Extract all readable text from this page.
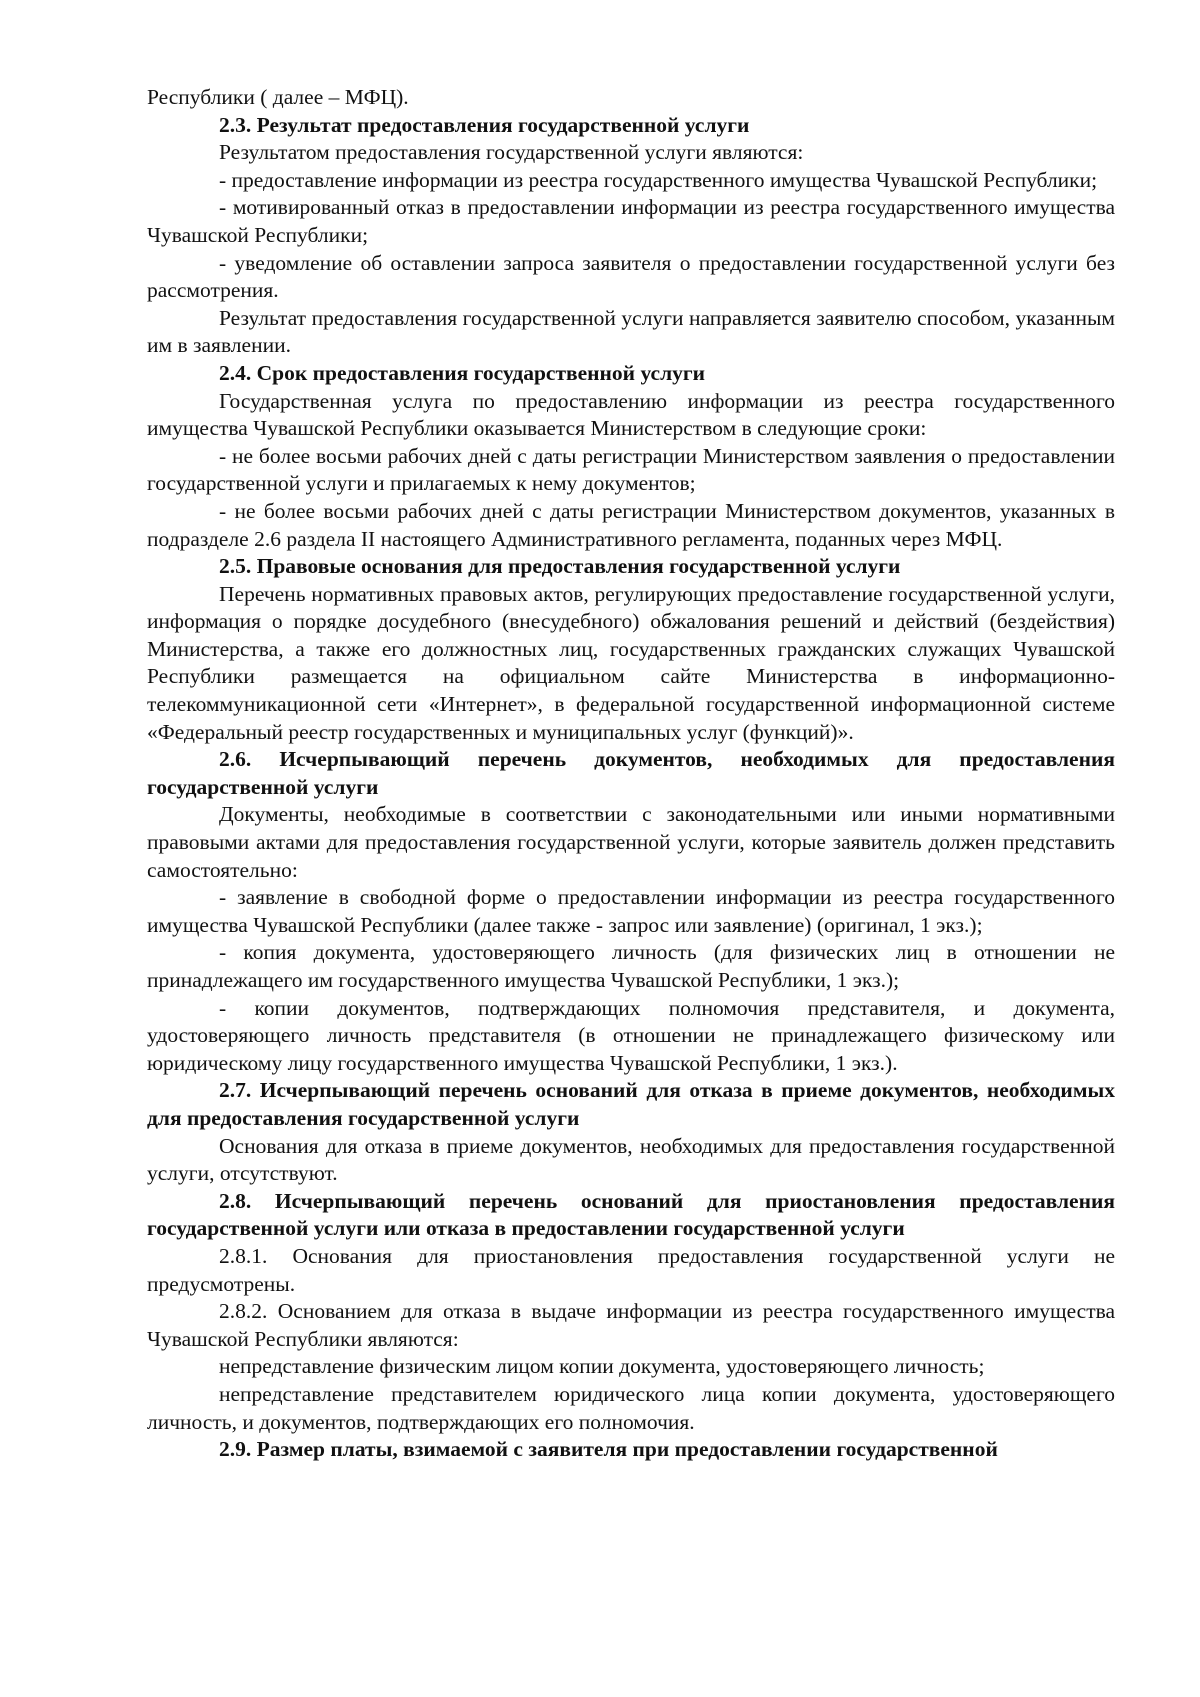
Республики ( далее – МФЦ).

2.3. Результат предоставления государственной услуги

Результатом предоставления государственной услуги являются:

- предоставление информации из реестра государственного имущества Чувашской Республики;

- мотивированный отказ в предоставлении информации из реестра государственного имущества Чувашской Республики;

- уведомление об оставлении запроса заявителя о предоставлении государственной услуги без рассмотрения.

Результат предоставления государственной услуги направляется заявителю способом, указанным им в заявлении.

2.4. Срок предоставления государственной услуги

Государственная услуга по предоставлению информации из реестра государственного имущества Чувашской Республики оказывается Министерством в следующие сроки:

- не более восьми рабочих дней с даты регистрации Министерством заявления о предоставлении государственной услуги и прилагаемых к нему документов;

- не более восьми рабочих дней с даты регистрации Министерством документов, указанных в подразделе 2.6 раздела II настоящего Административного регламента, поданных через МФЦ.

2.5. Правовые основания для предоставления государственной услуги

Перечень нормативных правовых актов, регулирующих предоставление государственной услуги, информация о порядке досудебного (внесудебного) обжалования решений и действий (бездействия) Министерства, а также его должностных лиц, государственных гражданских служащих Чувашской Республики размещается на официальном сайте Министерства в информационно-телекоммуникационной сети «Интернет», в федеральной государственной информационной системе «Федеральный реестр государственных и муниципальных услуг (функций)».

2.6. Исчерпывающий перечень документов, необходимых для предоставления государственной услуги

Документы, необходимые в соответствии с законодательными или иными нормативными правовыми актами для предоставления государственной услуги, которые заявитель должен представить самостоятельно:

- заявление в свободной форме о предоставлении информации из реестра государственного имущества Чувашской Республики (далее также - запрос или заявление) (оригинал, 1 экз.);

- копия документа, удостоверяющего личность (для физических лиц в отношении не принадлежащего им государственного имущества Чувашской Республики, 1 экз.);

- копии документов, подтверждающих полномочия представителя, и документа, удостоверяющего личность представителя (в отношении не принадлежащего физическому или юридическому лицу государственного имущества Чувашской Республики, 1 экз.).

2.7. Исчерпывающий перечень оснований для отказа в приеме документов, необходимых для предоставления государственной услуги

Основания для отказа в приеме документов, необходимых для предоставления государственной услуги, отсутствуют.

2.8. Исчерпывающий перечень оснований для приостановления предоставления государственной услуги или отказа в предоставлении государственной услуги

2.8.1. Основания для приостановления предоставления государственной услуги не предусмотрены.

2.8.2. Основанием для отказа в выдаче информации из реестра государственного имущества Чувашской Республики являются:

непредставление физическим лицом копии документа, удостоверяющего личность;

непредставление представителем юридического лица копии документа, удостоверяющего личность, и документов, подтверждающих его полномочия.

2.9. Размер платы, взимаемой с заявителя при предоставлении государственной
